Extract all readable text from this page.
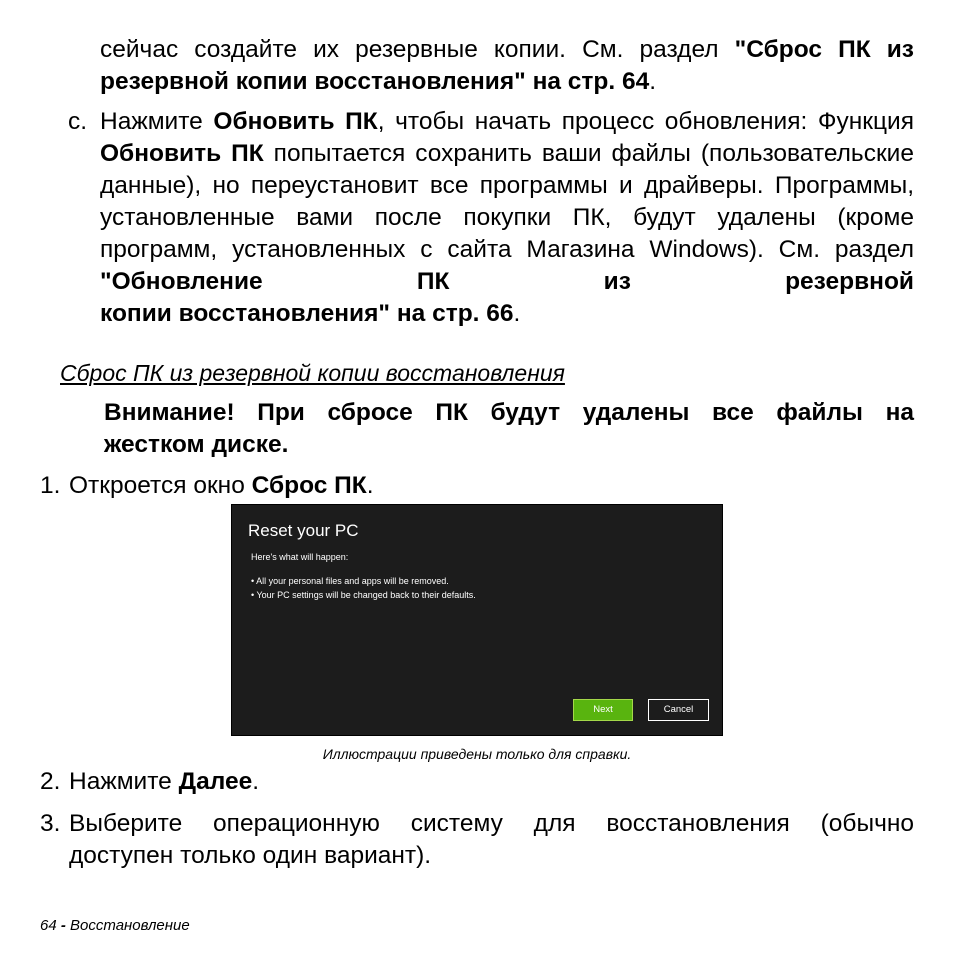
сейчас создайте их резервные копии. См. раздел "Сброс ПК из
резервной копии восстановления" на стр. 64.
c. Нажмите Обновить ПК, чтобы начать процесс обновления: Функция Обновить ПК попытается сохранить ваши файлы (пользовательские данные), но переустановит все программы и драйверы. Программы, установленные вами после покупки ПК, будут удалены (кроме программ, установленных с сайта Магазина Windows). См. раздел "Обновление ПК из резервной
копии восстановления" на стр. 66.
Сброс ПК из резервной копии восстановления
Внимание! При сбросе ПК будут удалены все файлы на
жестком диске.
1. Откроется окно Сброс ПК.
Reset your PC
Here's what will happen:
• All your personal files and apps will be removed.
• Your PC settings will be changed back to their defaults.
Next	Cancel
Иллюстрации приведены только для справки.
2. Нажмите Далее.
3. Выберите операционную систему для восстановления (обычно
доступен только один вариант).
64 - Восстановление
